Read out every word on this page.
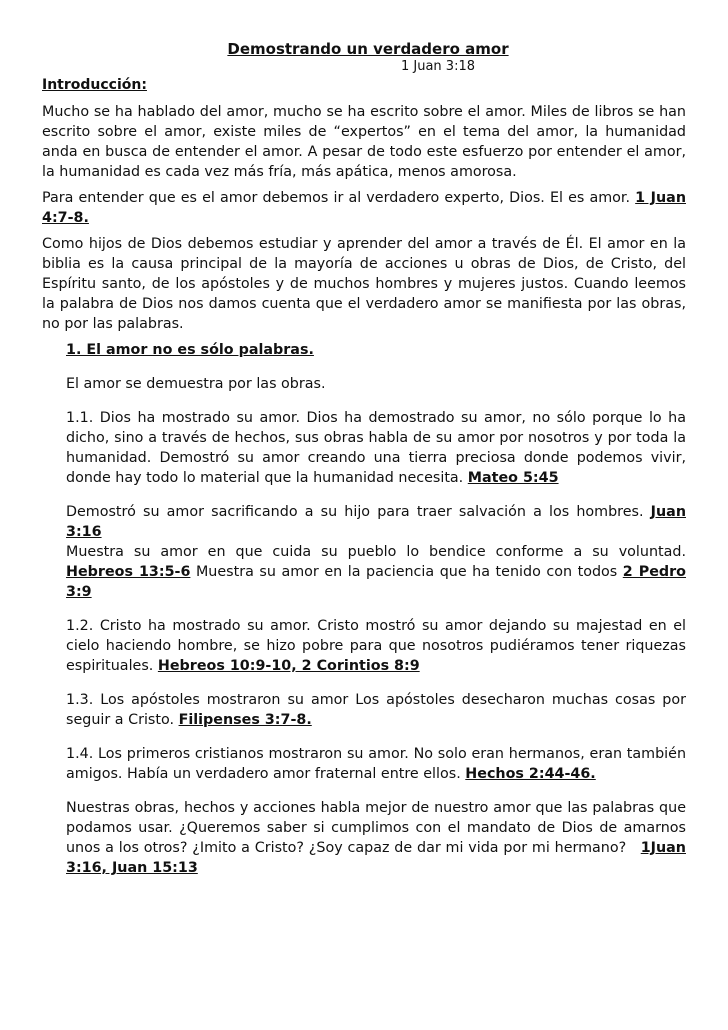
Demostrando un verdadero amor
1 Juan 3:18
Introducción:

Mucho se ha hablado del amor, mucho se ha escrito sobre el amor. Miles de libros se han escrito sobre el amor, existe miles de “expertos” en el tema del amor, la humanidad anda en busca de entender el amor. A pesar de todo este esfuerzo por entender el amor, la humanidad es cada vez más fría, más apática, menos amorosa.

Para entender que es el amor debemos ir al verdadero experto, Dios. El es amor. 1 Juan 4:7-8.

Como hijos de Dios debemos estudiar y aprender del amor a través de Él. El amor en la biblia es la causa principal de la mayoría de acciones u obras de Dios, de Cristo, del Espíritu santo, de los apóstoles y de muchos hombres y mujeres justos. Cuando leemos la palabra de Dios nos damos cuenta que el verdadero amor se manifiesta por las obras, no por las palabras.

1. El amor no es sólo palabras.

El amor se demuestra por las obras.

1.1. Dios ha mostrado su amor. Dios ha demostrado su amor, no sólo porque lo ha dicho, sino a través de hechos, sus obras habla de su amor por nosotros y por toda la humanidad. Demostró su amor creando una tierra preciosa donde podemos vivir, donde hay todo lo material que la humanidad necesita. Mateo 5:45

Demostró su amor sacrificando a su hijo para traer salvación a los hombres. Juan 3:16

Muestra su amor en que cuida su pueblo lo bendice conforme a su voluntad. Hebreos 13:5-6 Muestra su amor en la paciencia que ha tenido con todos 2 Pedro 3:9

1.2. Cristo ha mostrado su amor. Cristo mostró su amor dejando su majestad en el cielo haciendo hombre, se hizo pobre para que nosotros pudiéramos tener riquezas espirituales. Hebreos 10:9-10, 2 Corintios 8:9

1.3. Los apóstoles mostraron su amor Los apóstoles desecharon muchas cosas por seguir a Cristo. Filipenses 3:7-8.

1.4. Los primeros cristianos mostraron su amor. No solo eran hermanos, eran también amigos. Había un verdadero amor fraternal entre ellos. Hechos 2:44-46.

Nuestras obras, hechos y acciones habla mejor de nuestro amor que las palabras que podamos usar. ¿Queremos saber si cumplimos con el mandato de Dios de amarnos unos a los otros? ¿Imito a Cristo? ¿Soy capaz de dar mi vida por mi hermano? 1Juan 3:16, Juan 15:13
